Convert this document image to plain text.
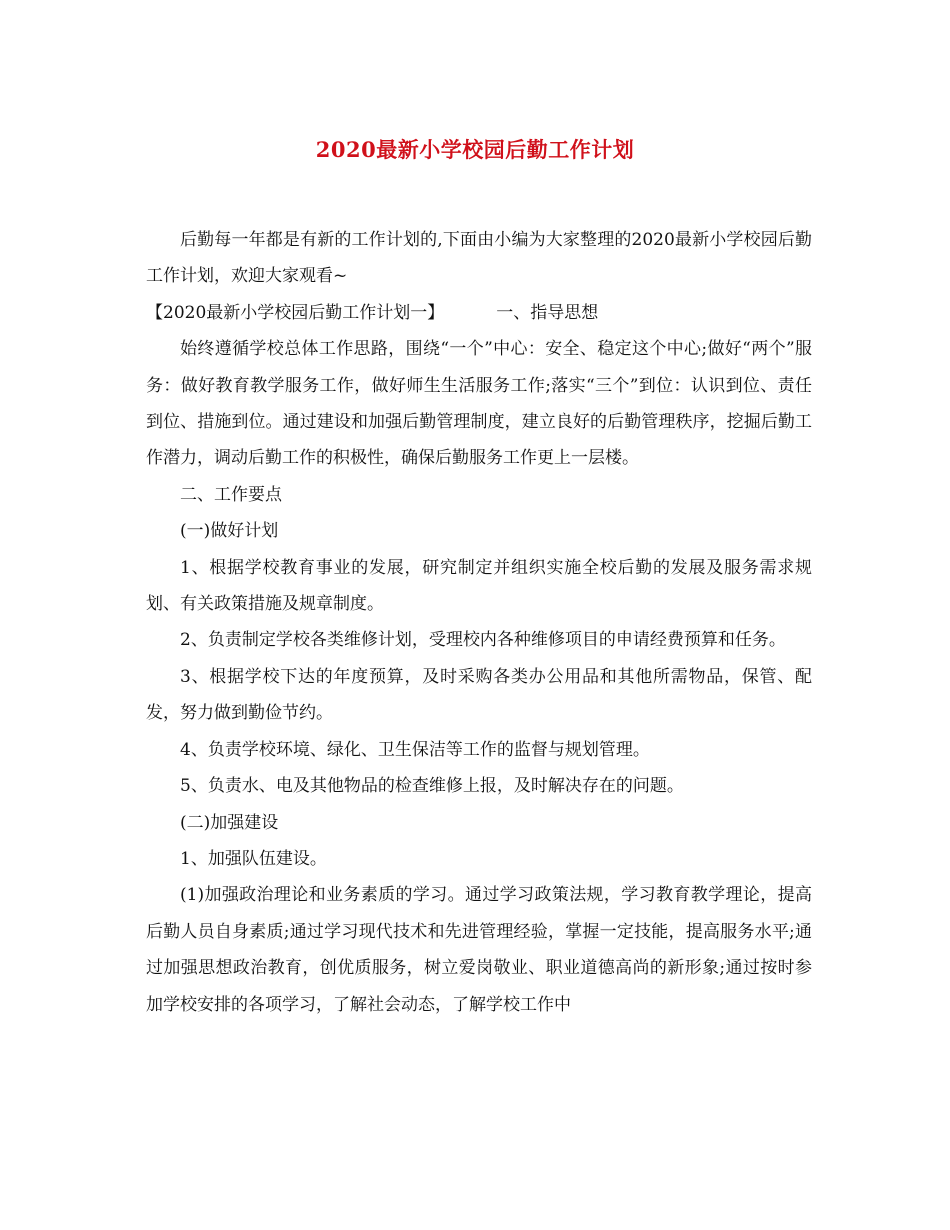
2020最新小学校园后勤工作计划

后勤每一年都是有新的工作计划的,下面由小编为大家整理的2020最新小学校园后勤工作计划，欢迎大家观看~

【2020最新小学校园后勤工作计划一】	一、指导思想

始终遵循学校总体工作思路，围绕“一个”中心：安全、稳定这个中心;做好“两个”服务：做好教育教学服务工作，做好师生生活服务工作;落实“三个”到位：认识到位、责任到位、措施到位。通过建设和加强后勤管理制度，建立良好的后勤管理秩序，挖掘后勤工作潜力，调动后勤工作的积极性，确保后勤服务工作更上一层楼。

二、工作要点

(一)做好计划

1、根据学校教育事业的发展，研究制定并组织实施全校后勤的发展及服务需求规划、有关政策措施及规章制度。

2、负责制定学校各类维修计划，受理校内各种维修项目的申请经费预算和任务。

3、根据学校下达的年度预算，及时采购各类办公用品和其他所需物品，保管、配发，努力做到勤俭节约。

4、负责学校环境、绿化、卫生保洁等工作的监督与规划管理。

5、负责水、电及其他物品的检查维修上报，及时解决存在的问题。

(二)加强建设

1、加强队伍建设。

(1)加强政治理论和业务素质的学习。通过学习政策法规，学习教育教学理论，提高后勤人员自身素质;通过学习现代技术和先进管理经验，掌握一定技能，提高服务水平;通过加强思想政治教育，创优质服务，树立爱岗敬业、职业道德高尚的新形象;通过按时参加学校安排的各项学习，了解社会动态，了解学校工作中
